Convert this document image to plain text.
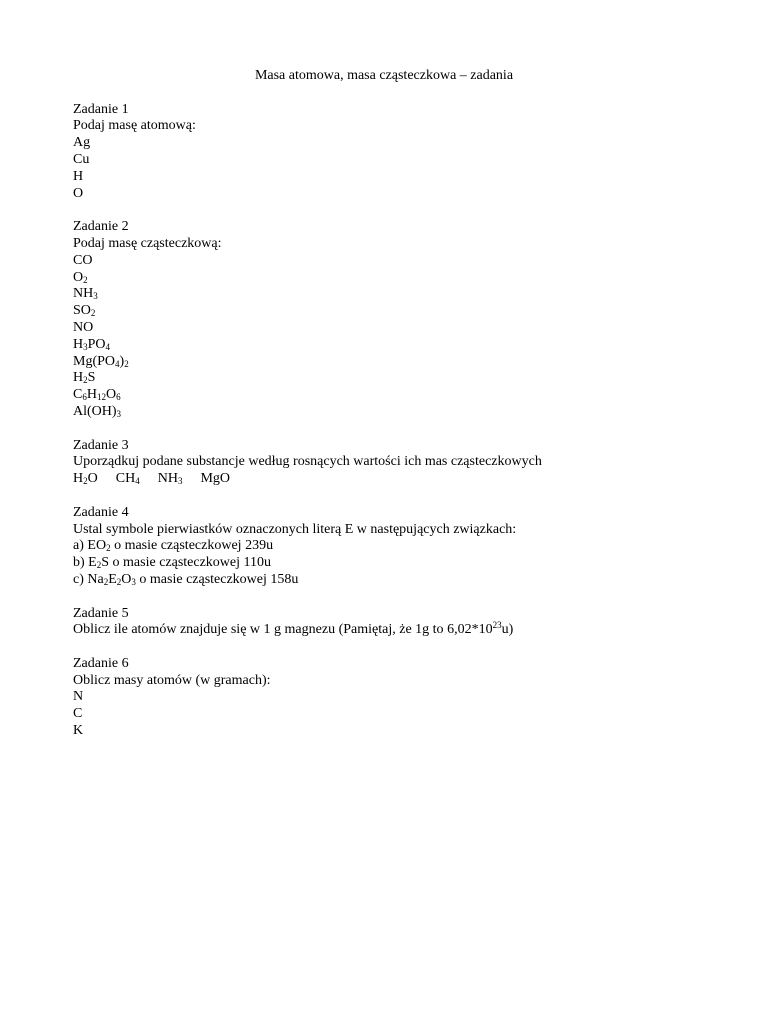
Masa atomowa, masa cząsteczkowa – zadania
Zadanie 1
Podaj masę atomową:
Ag
Cu
H
O
Zadanie 2
Podaj masę cząsteczkową:
CO
$O_2$
$NH_3$
$SO_2$
NO
$H_3PO_4$
$Mg(PO_4)_2$
$H_2S$
$C_6H_{12}O_6$
$Al(OH)_3$
Zadanie 3
Uporządkuj podane substancje według rosnących wartości ich mas cząsteczkowych
$H_2O$ $CH_4$ $NH_3$ MgO
Zadanie 4
Ustal symbole pierwiastków oznaczonych literą E w następujących związkach:
a) $EO_2$ o masie cząsteczkowej 239u
b) $E_2S$ o masie cząsteczkowej 110u
c) $Na_2E_2O_3$ o masie cząsteczkowej 158u
Zadanie 5
Oblicz ile atomów znajduje się w 1 g magnezu (Pamiętaj, że 1g to $6,02*10^{23}u$)
Zadanie 6
Oblicz masy atomów (w gramach):
N
C
K
